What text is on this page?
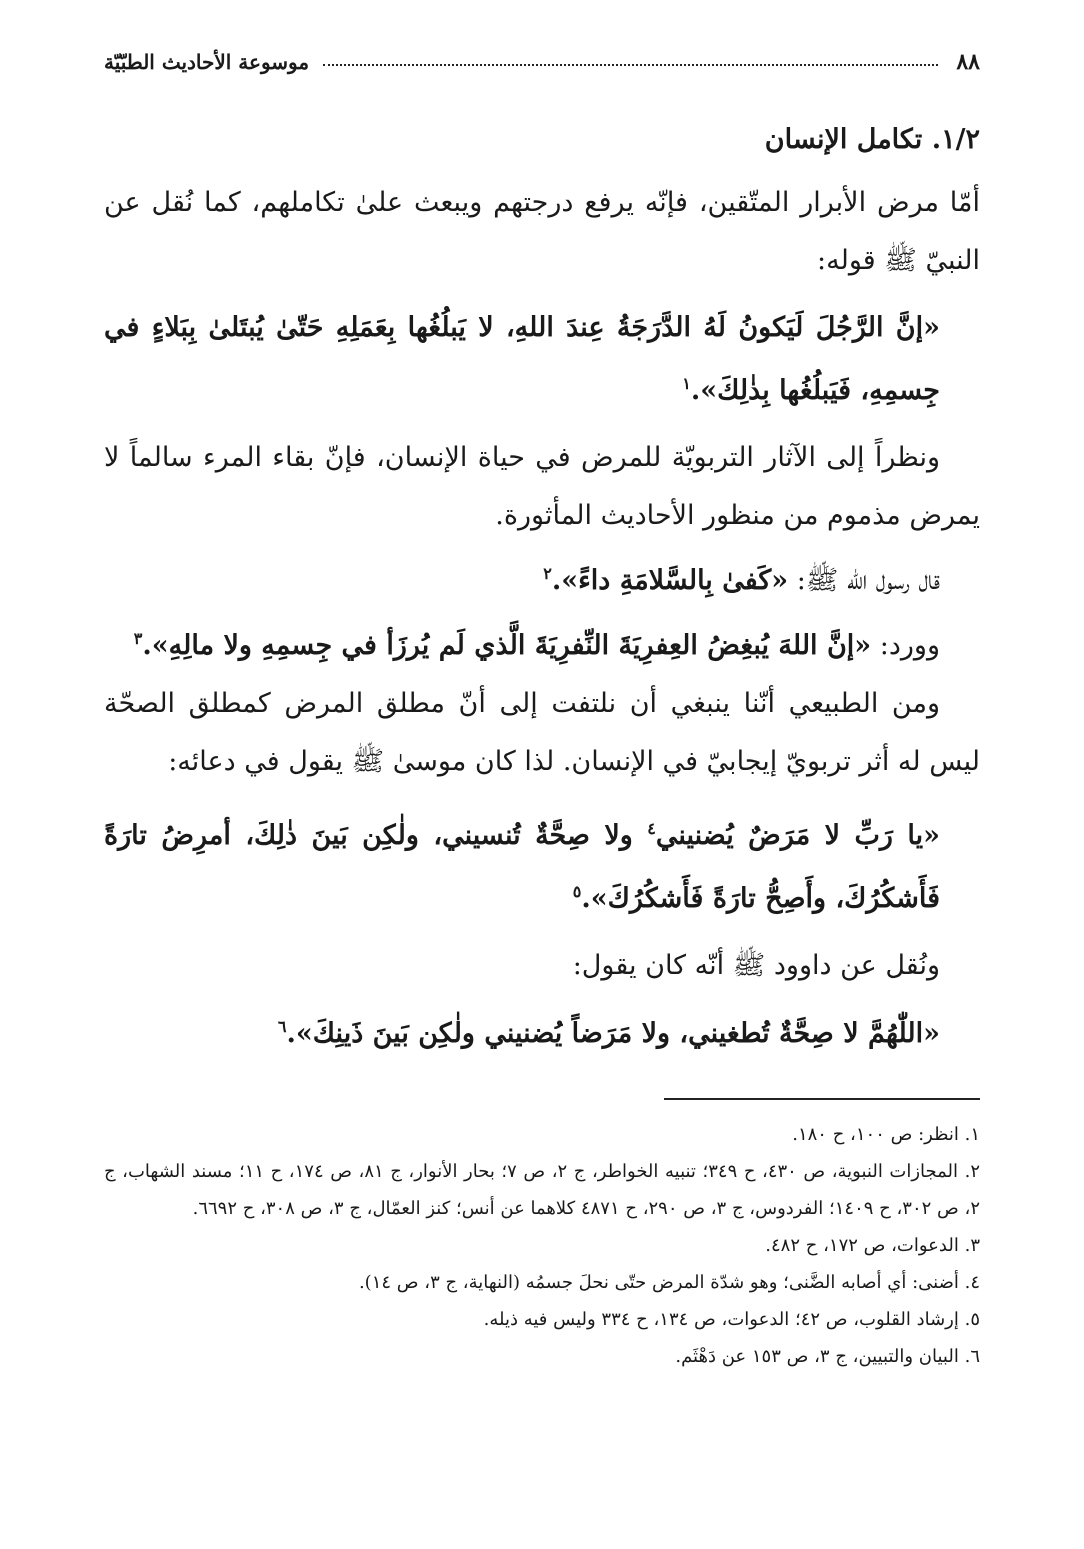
٨٨
موسوعة الأحاديث الطبّيّة
١/٢. تكامل الإنسان

أمّا مرض الأبرار المتّقين، فإنّه يرفع درجتهم ويبعث علىٰ تكاملهم، كما نُقل عن النبيّ ﷺ قوله:

«إنَّ الرَّجُلَ لَيَكونُ لَهُ الدَّرَجَةُ عِندَ اللهِ، لا يَبلُغُها بِعَمَلِهِ حَتّىٰ يُبتَلىٰ بِبَلاءٍ في جِسمِهِ، فَيَبلُغُها بِذٰلِكَ».$^١$

ونظراً إلى الآثار التربويّة للمرض في حياة الإنسان، فإنّ بقاء المرء سالماً لا يمرض مذموم من منظور الأحاديث المأثورة.

قال رسول الله ﷺ: «كَفىٰ بِالسَّلامَةِ داءً».$^٢$

وورد: «إنَّ اللهَ يُبغِضُ العِفرِيَةَ النِّفرِيَةَ الَّذي لَم يُرزَأ في جِسمِهِ ولا مالِهِ».$^٣$

ومن الطبيعي أنّنا ينبغي أن نلتفت إلى أنّ مطلق المرض كمطلق الصحّة ليس له أثر تربويّ إيجابيّ في الإنسان. لذا كان موسىٰ ﷺ يقول في دعائه:

«يا رَبِّ لا مَرَضٌ يُضنيني$^٤$ ولا صِحَّةٌ تُنسيني، ولٰكِن بَينَ ذٰلِكَ، أمرِضُ تارَةً فَأَشكُرُكَ، وأَصِحُّ تارَةً فَأَشكُرُكَ».$^٥$

ونُقل عن داوود ﷺ أنّه كان يقول:

«اللّٰهُمَّ لا صِحَّةٌ تُطغيني، ولا مَرَضاً يُضنيني ولٰكِن بَينَ ذَينِكَ».$^٦$

١. انظر: ص ١٠٠، ح ١٨٠.

٢. المجازات النبوية، ص ٤٣٠، ح ٣٤٩؛ تنبيه الخواطر، ج ٢، ص ٧؛ بحار الأنوار، ج ٨١، ص ١٧٤، ح ١١؛ مسند الشهاب، ج ٢، ص ٣٠٢، ح ١٤٠٩؛ الفردوس، ج ٣، ص ٢٩٠، ح ٤٨٧١ كلاهما عن أنس؛ كنز العمّال، ج ٣، ص ٣٠٨، ح ٦٦٩٢.

٣. الدعوات، ص ١٧٢، ح ٤٨٢.

٤. أضنى: أي أصابه الضَّنى؛ وهو شدّة المرض حتّى نحلَ جسمُه (النهاية، ج ٣، ص ١٤).

٥. إرشاد القلوب، ص ٤٢؛ الدعوات، ص ١٣٤، ح ٣٣٤ وليس فيه ذيله.

٦. البيان والتبيين، ج ٣، ص ١٥٣ عن دَهْثَم.
